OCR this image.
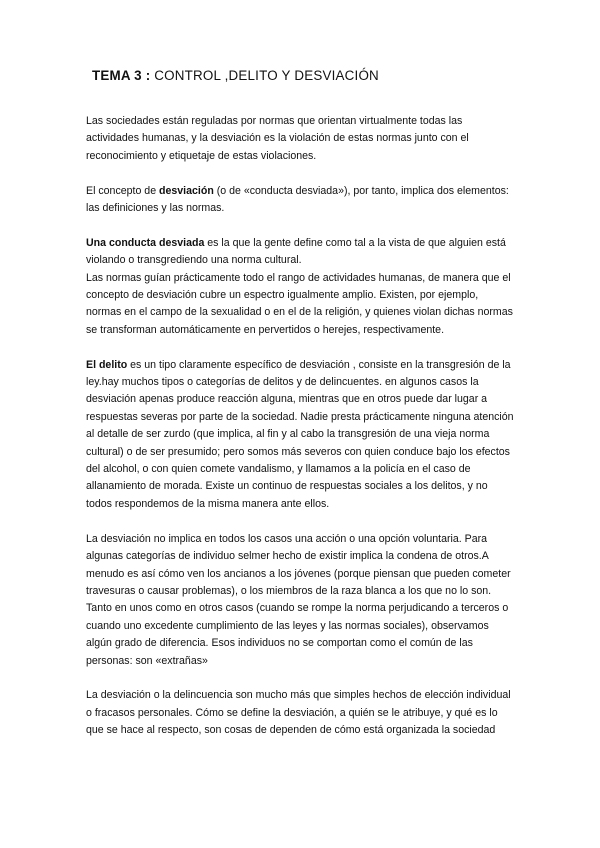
TEMA 3 : CONTROL ,DELITO Y DESVIACIÓN

Las sociedades están reguladas por normas que orientan virtualmente todas las actividades humanas, y la desviación es la violación de estas normas junto con el reconocimiento y etiquetaje de estas violaciones.

El concepto de desviación (o de «conducta desviada»), por tanto, implica dos elementos: las definiciones y las normas.

Una conducta desviada es la que la gente define como tal a la vista de que alguien está violando o transgrediendo una norma cultural.

Las normas guían prácticamente todo el rango de actividades humanas, de manera que el concepto de desviación cubre un espectro igualmente amplio. Existen, por ejemplo, normas en el campo de la sexualidad o en el de la religión, y quienes violan dichas normas se transforman automáticamente en pervertidos o herejes, respectivamente.

El delito es un tipo claramente específico de desviación , consiste en la transgresión de la ley.hay muchos tipos o categorías de delitos y de delincuentes. en algunos casos la desviación apenas produce reacción alguna, mientras que en otros puede dar lugar a respuestas severas por parte de la sociedad. Nadie presta prácticamente ninguna atención al detalle de ser zurdo (que implica, al fin y al cabo la transgresión de una vieja norma cultural) o de ser presumido; pero somos más severos con quien conduce bajo los efectos del alcohol, o con quien comete vandalismo, y llamamos a la policía en el caso de allanamiento de morada. Existe un continuo de respuestas sociales a los delitos, y no todos respondemos de la misma manera ante ellos.

La desviación no implica en todos los casos una acción o una opción voluntaria. Para algunas categorías de individuo selmer hecho de existir implica la condena de otros.A menudo es así cómo ven los ancianos a los jóvenes (porque piensan que pueden cometer travesuras o causar problemas), o los miembros de la raza blanca a los que no lo son. Tanto en unos como en otros casos (cuando se rompe la norma perjudicando a terceros o cuando uno excedente cumplimiento de las leyes y las normas sociales), observamos algún grado de diferencia. Esos individuos no se comportan como el común de las personas: son «extrañas»

La desviación o la delincuencia son mucho más que simples hechos de elección individual o fracasos personales. Cómo se define la desviación, a quién se le atribuye, y qué es lo que se hace al respecto, son cosas de dependen de cómo está organizada la sociedad
